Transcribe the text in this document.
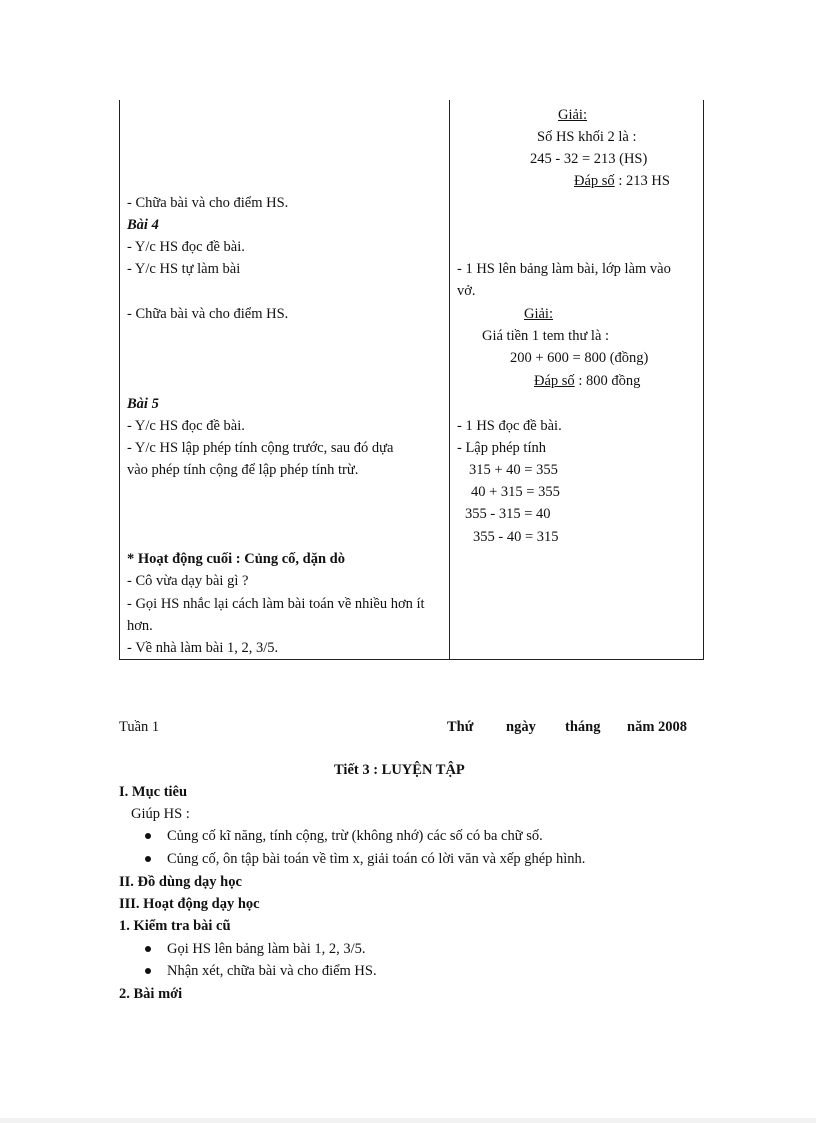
- Chữa bài và cho điểm HS.
Bài 4
- Y/c HS đọc đề bài.
- Y/c HS tự làm bài
- Chữa bài và cho điểm HS.
Bài 5
- Y/c HS đọc đề bài.
- Y/c HS lập phép tính cộng trước, sau đó dựa
vào phép tính cộng để lập phép tính trừ.
* Hoạt động cuối : Củng cố, dặn dò
- Cô vừa dạy bài gì ?
- Gọi HS nhắc lại cách làm bài toán về nhiều hơn ít
hơn.
- Về nhà làm bài 1, 2, 3/5.
Giải:
Số HS khối 2 là :
245 - 32 = 213 (HS)
Đáp số : 213 HS
- 1 HS lên bảng làm bài, lớp làm vào
vở.
Giải:
Giá tiền 1 tem thư là :
200 + 600 = 800 (đồng)
Đáp số : 800 đồng
- 1 HS đọc đề bài.
- Lập phép tính
315 + 40 = 355
40 + 315 = 355
355 - 315 = 40
355 - 40 = 315
Tuần 1	Thứ ngày tháng năm 2008
Tiết 3 : LUYỆN TẬP
I. Mục tiêu
Giúp HS :
Củng cố kĩ năng, tính cộng, trừ (không nhớ) các số có ba chữ số.
Củng cố, ôn tập bài toán về tìm x, giải toán có lời văn và xếp ghép hình.
II. Đồ dùng dạy học
III. Hoạt động dạy học
1. Kiểm tra bài cũ
Gọi HS lên bảng làm bài 1, 2, 3/5.
Nhận xét, chữa bài và cho điểm HS.
2. Bài mới
